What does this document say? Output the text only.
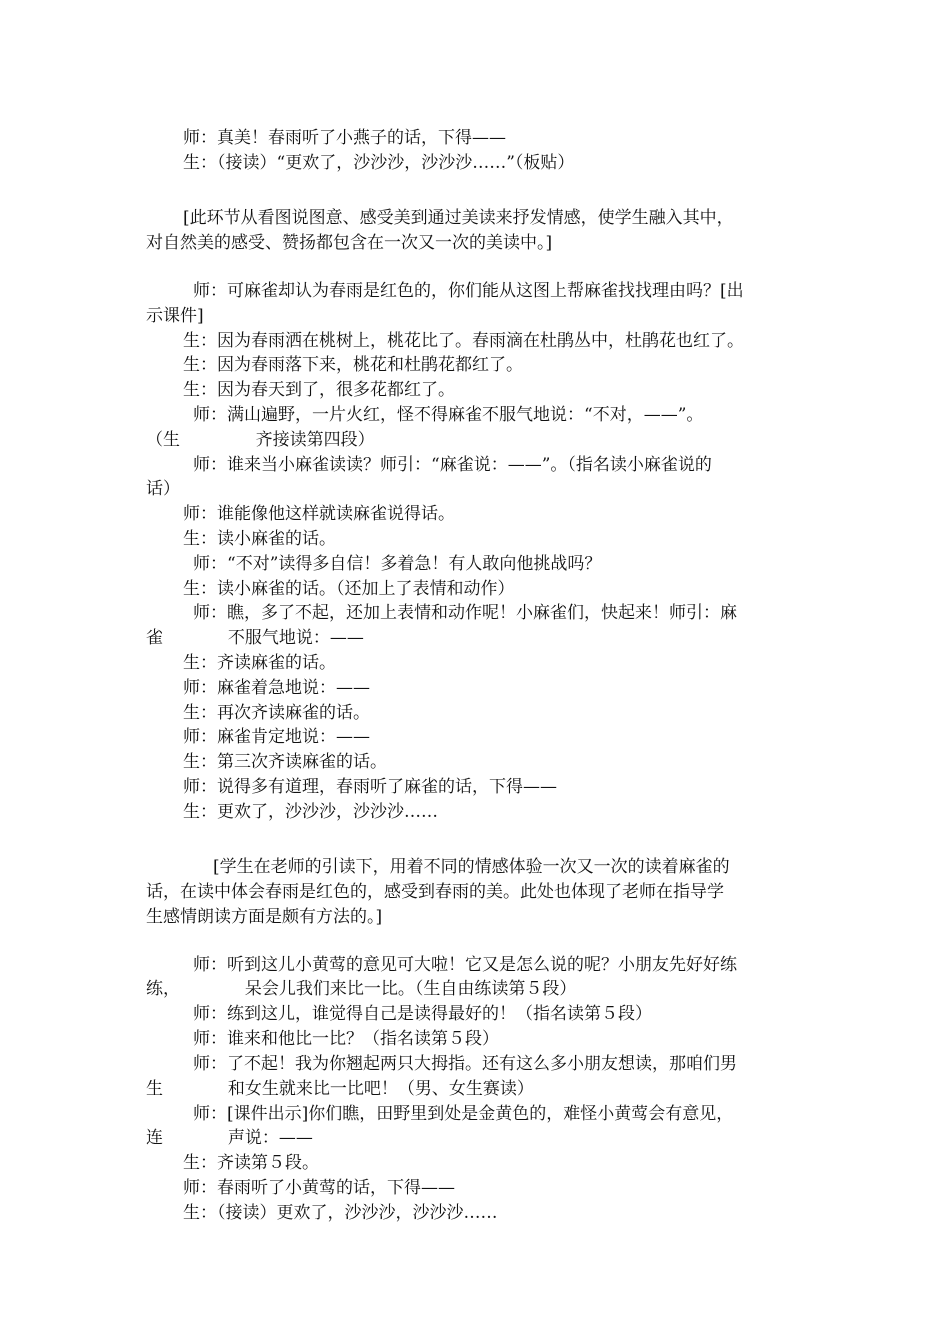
师：真美！春雨听了小燕子的话，下得——
生：（接读）“更欢了，沙沙沙，沙沙沙……”（板贴）
[此环节从看图说图意、感受美到通过美读来抒发情感，使学生融入其中，
对自然美的感受、赞扬都包含在一次又一次的美读中。]
师：可麻雀却认为春雨是红色的，你们能从这图上帮麻雀找找理由吗？[出
示课件]
生：因为春雨洒在桃树上，桃花比了。春雨滴在杜鹃丛中，杜鹃花也红了。
生：因为春雨落下来，桃花和杜鹃花都红了。
生：因为春天到了，很多花都红了。
师：满山遍野，一片火红，怪不得麻雀不服气地说：“不对，——”。
（生              齐接读第四段）
师：谁来当小麻雀读读？师引：“麻雀说：——”。（指名读小麻雀说的
话）
师：谁能像他这样就读麻雀说得话。
生：读小麻雀的话。
师：“不对”读得多自信！多着急！有人敢向他挑战吗？
生：读小麻雀的话。（还加上了表情和动作）
师：瞧，多了不起，还加上表情和动作呢！小麻雀们，快起来！师引：麻
雀            不服气地说：——
生：齐读麻雀的话。
师：麻雀着急地说：——
生：再次齐读麻雀的话。
师：麻雀肯定地说：——
生：第三次齐读麻雀的话。
师：说得多有道理，春雨听了麻雀的话，下得——
生：更欢了，沙沙沙，沙沙沙……
[学生在老师的引读下，用着不同的情感体验一次又一次的读着麻雀的
话，在读中体会春雨是红色的，感受到春雨的美。此处也体现了老师在指导学
生感情朗读方面是颇有方法的。]
师：听到这儿小黄莺的意见可大啦！它又是怎么说的呢？小朋友先好好练
练，            呆会儿我们来比一比。（生自由练读第５段）
师：练到这儿，谁觉得自己是读得最好的！（指名读第５段）
师：谁来和他比一比？（指名读第５段）
师：了不起！我为你翘起两只大拇指。还有这么多小朋友想读，那咱们男
生            和女生就来比一比吧！（男、女生赛读）
师：[课件出示]你们瞧，田野里到处是金黄色的，难怪小黄莺会有意见，
连            声说：——
生：齐读第５段。
师：春雨听了小黄莺的话，下得——
生：（接读）更欢了，沙沙沙，沙沙沙……
